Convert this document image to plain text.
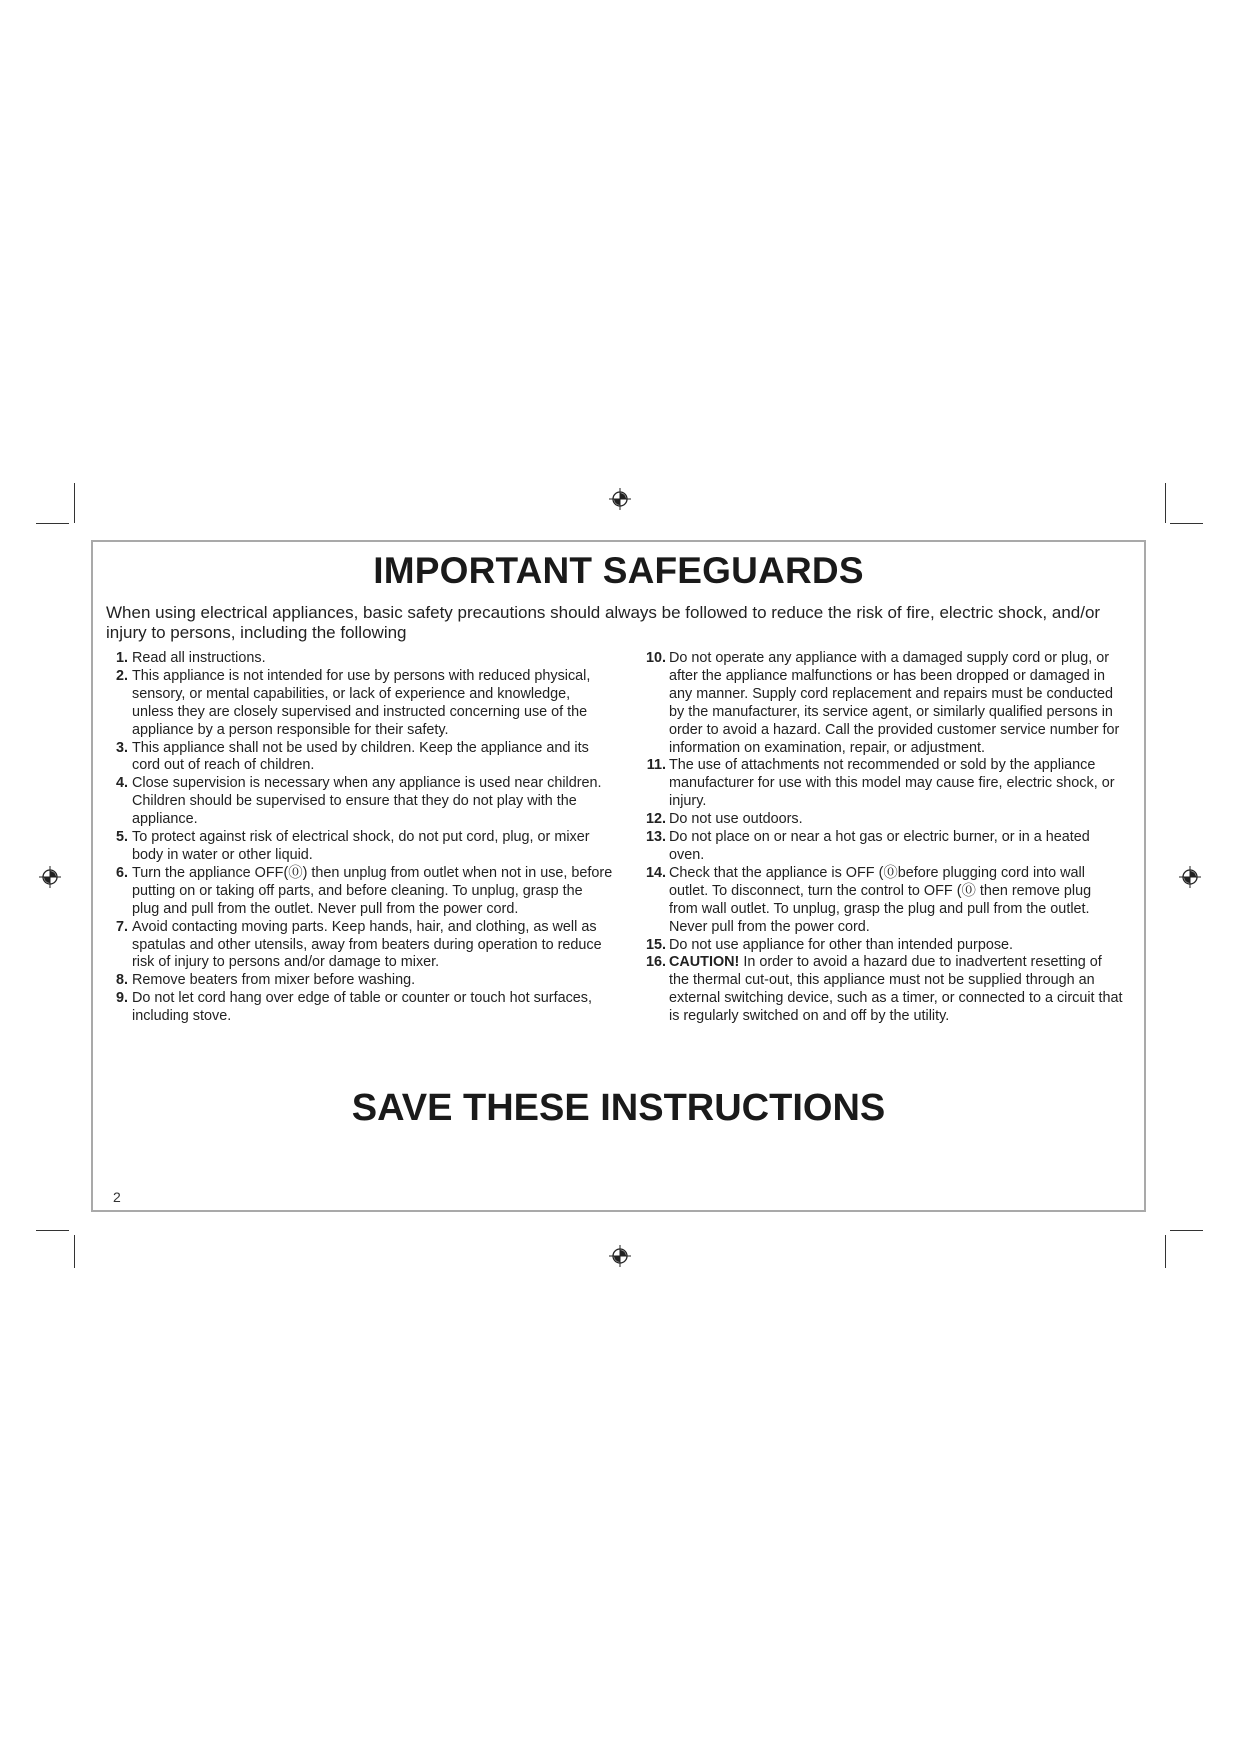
IMPORTANT SAFEGUARDS
When using electrical appliances, basic safety precautions should always be followed to reduce the risk of fire, electric shock, and/or injury to persons, including the following
1. Read all instructions.
2. This appliance is not intended for use by persons with reduced physical, sensory, or mental capabilities, or lack of experience and knowledge, unless they are closely supervised and instructed concerning use of the appliance by a person responsible for their safety.
3. This appliance shall not be used by children. Keep the appliance and its cord out of reach of children.
4. Close supervision is necessary when any appliance is used near children. Children should be supervised to ensure that they do not play with the appliance.
5. To protect against risk of electrical shock, do not put cord, plug, or mixer body in water or other liquid.
6. Turn the appliance OFF(⓪) then unplug from outlet when not in use, before putting on or taking off parts, and before cleaning. To unplug, grasp the plug and pull from the outlet. Never pull from the power cord.
7. Avoid contacting moving parts. Keep hands, hair, and clothing, as well as spatulas and other utensils, away from beaters during operation to reduce risk of injury to persons and/or damage to mixer.
8. Remove beaters from mixer before washing.
9. Do not let cord hang over edge of table or counter or touch hot surfaces, including stove.
10. Do not operate any appliance with a damaged supply cord or plug, or after the appliance malfunctions or has been dropped or damaged in any manner. Supply cord replacement and repairs must be conducted by the manufacturer, its service agent, or similarly qualified persons in order to avoid a hazard. Call the provided customer service number for information on examination, repair, or adjustment.
11. The use of attachments not recommended or sold by the appliance manufacturer for use with this model may cause fire, electric shock, or injury.
12. Do not use outdoors.
13. Do not place on or near a hot gas or electric burner, or in a heated oven.
14. Check that the appliance is OFF (⓪before plugging cord into wall outlet. To disconnect, turn the control to OFF (⓪ then remove plug from wall outlet. To unplug, grasp the plug and pull from the outlet. Never pull from the power cord.
15. Do not use appliance for other than intended purpose.
16. CAUTION! In order to avoid a hazard due to inadvertent resetting of the thermal cut-out, this appliance must not be supplied through an external switching device, such as a timer, or connected to a circuit that is regularly switched on and off by the utility.
SAVE THESE INSTRUCTIONS
2
